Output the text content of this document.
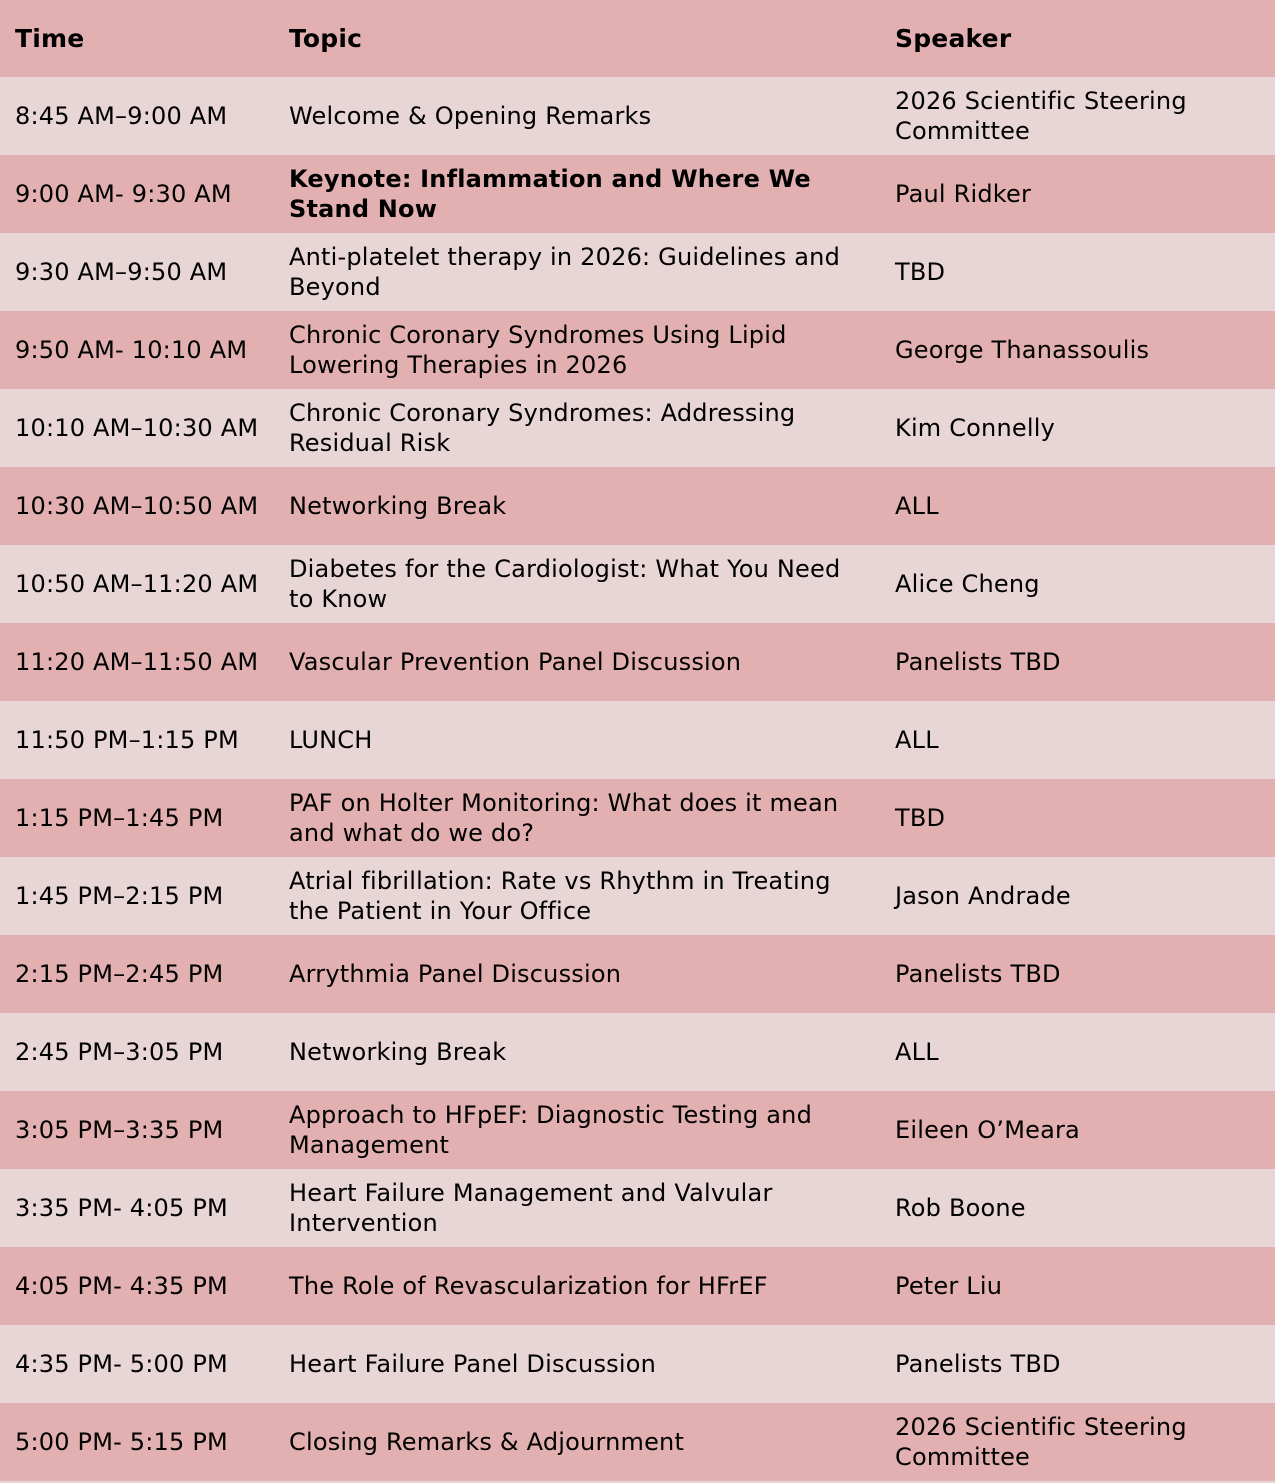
Time	Topic	Speaker
8:45 AM–9:00 AM	Welcome & Opening Remarks	2026 Scientific Steering Committee
9:00 AM- 9:30 AM	Keynote: Inflammation and Where We Stand Now	Paul Ridker
9:30 AM–9:50 AM	Anti-platelet therapy in 2026: Guidelines and Beyond	TBD
9:50 AM- 10:10 AM	Chronic Coronary Syndromes Using Lipid Lowering Therapies in 2026	George Thanassoulis
10:10 AM–10:30 AM	Chronic Coronary Syndromes: Addressing Residual Risk	Kim Connelly
10:30 AM–10:50 AM	Networking Break	ALL
10:50 AM–11:20 AM	Diabetes for the Cardiologist: What You Need to Know	Alice Cheng
11:20 AM–11:50 AM	Vascular Prevention Panel Discussion	Panelists TBD
11:50 PM–1:15 PM	LUNCH	ALL
1:15 PM–1:45 PM	PAF on Holter Monitoring: What does it mean and what do we do?	TBD
1:45 PM–2:15 PM	Atrial fibrillation: Rate vs Rhythm in Treating the Patient in Your Office	Jason Andrade
2:15 PM–2:45 PM	Arrythmia Panel Discussion	Panelists TBD
2:45 PM–3:05 PM	Networking Break	ALL
3:05 PM–3:35 PM	Approach to HFpEF: Diagnostic Testing and Management	Eileen O’Meara
3:35 PM- 4:05 PM	Heart Failure Management and Valvular Intervention	Rob Boone
4:05 PM- 4:35 PM	The Role of Revascularization for HFrEF	Peter Liu
4:35 PM- 5:00 PM	Heart Failure Panel Discussion	Panelists TBD
5:00 PM- 5:15 PM	Closing Remarks & Adjournment	2026 Scientific Steering Committee
